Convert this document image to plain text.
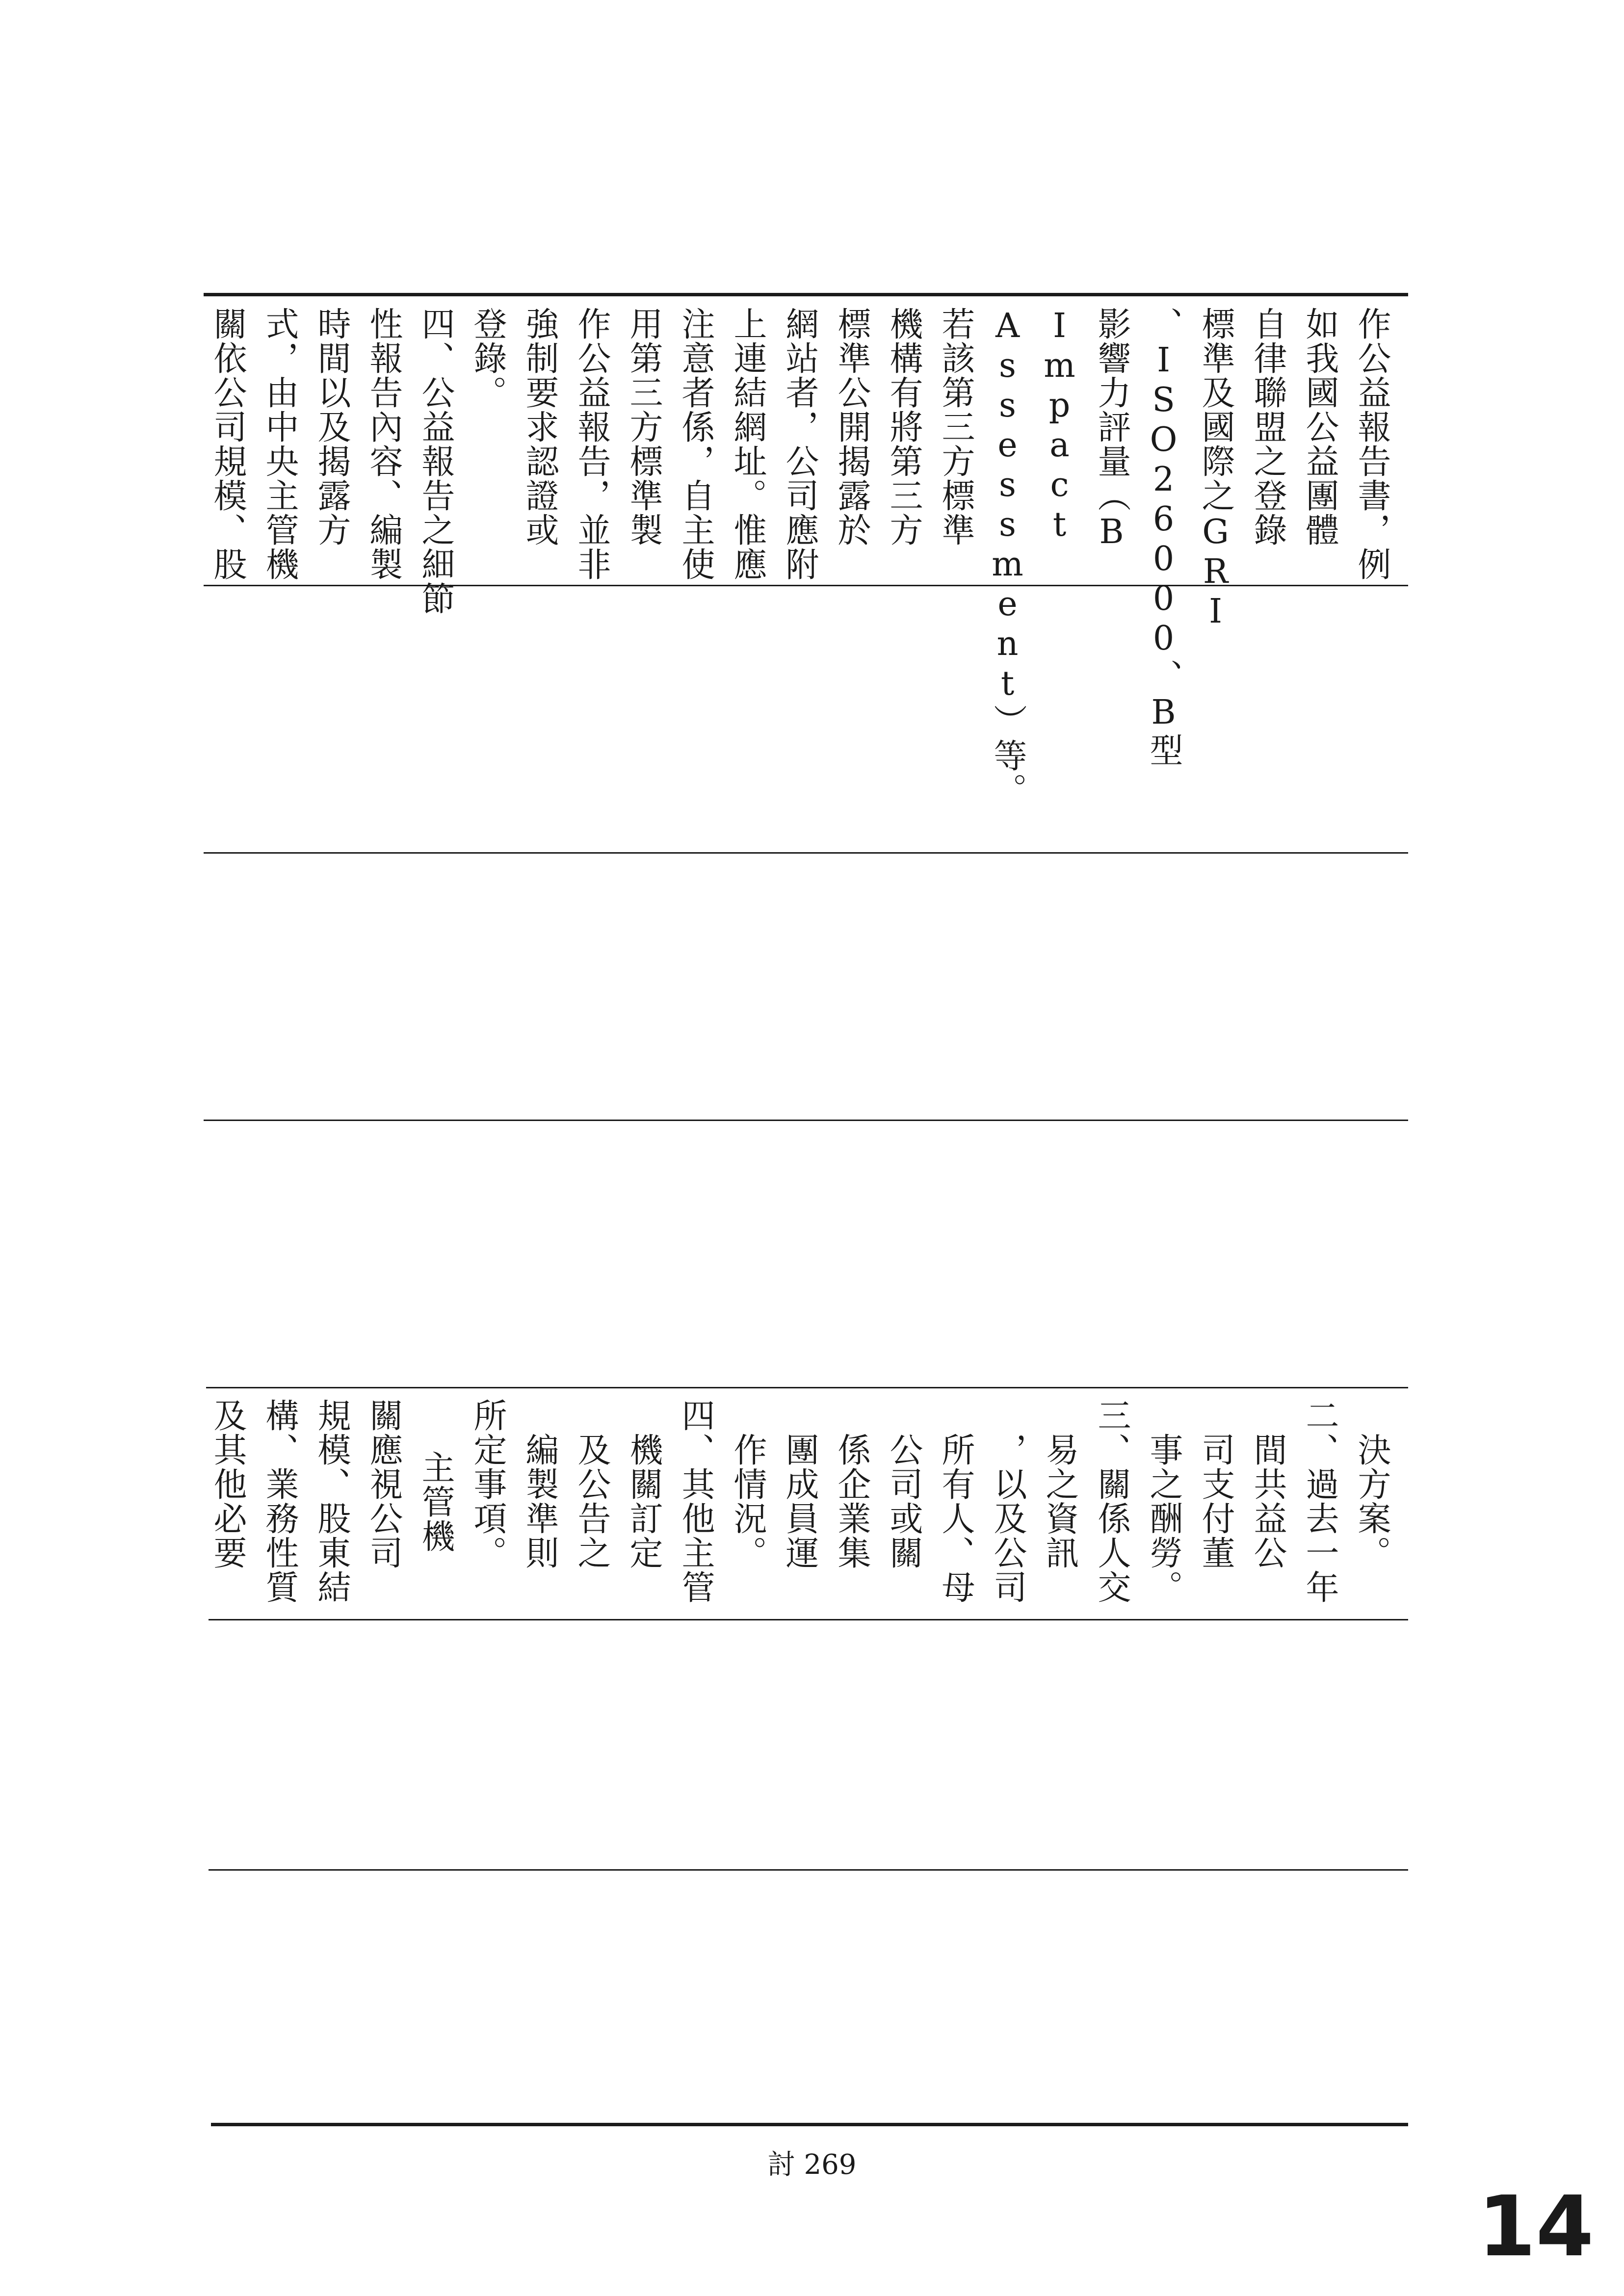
關依公司規模、股 式，由中央主管機 時間以及揭露方 性報告內容、編製 四、公益報告之細節 登錄。 強制要求認證或 作公益報告，並非 用第三方標準製 注意者係，自主使 上連結網址。惟應 網站者，公司應附 標準公開揭露於 機構有將第三方 若該第三方標準 Assessment）等。 Impact 影響力評量（B 、ISO26000、B型 標準及國際之GRI 自律聯盟之登錄 如我國公益團體 作公益報告書，例
及其他必要 構、業務性質 規模、股東結 關應視公司 主管機 所定事項。 編製準則 及公告之 機關訂定 四、其他主管 作情況。 團成員運 係企業集 公司或關 所有人、母 ，以及公司 易之資訊 三、關係人交 事之酬勞。 司支付董 間共益公 二、過去一年 決方案。
討 269
14
